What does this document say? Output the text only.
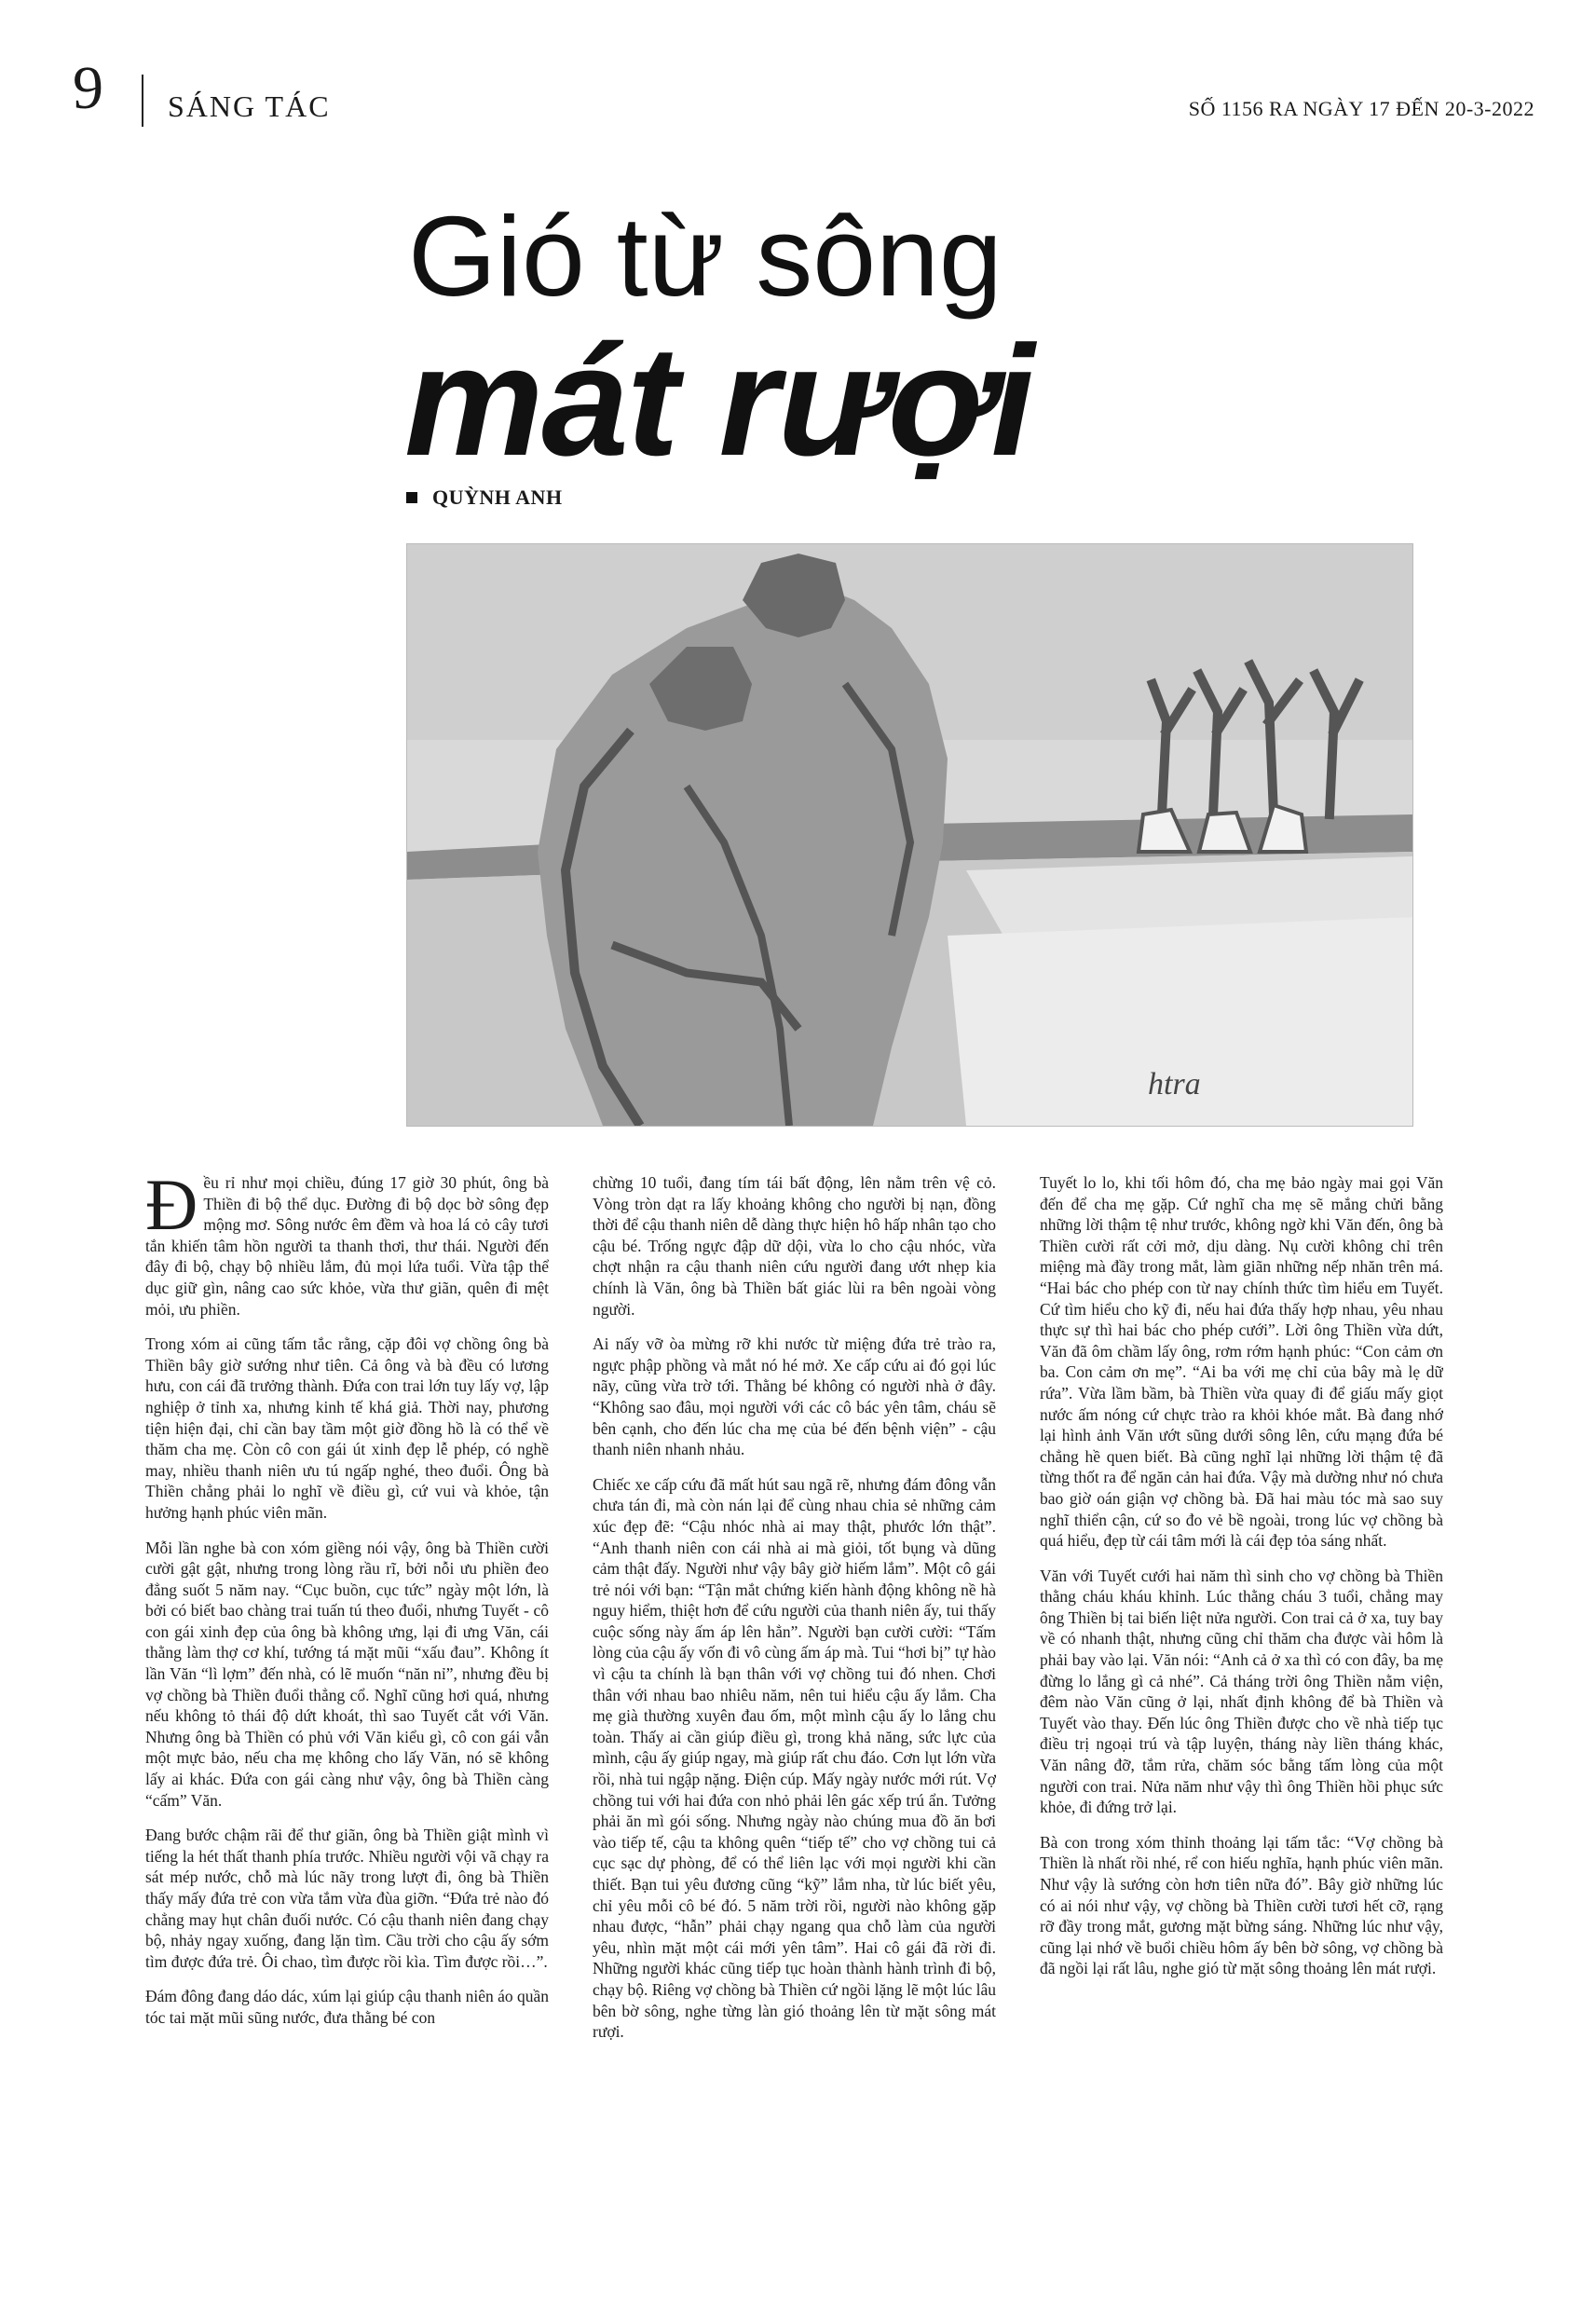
9 SÁNG TÁC	SỐ 1156 RA NGÀY 17 ĐẾN 20-3-2022
Gió từ sông
mát rượi
QUỲNH ANH
htra

Đều rỉ như mọi chiều, đúng 17 giờ 30 phút, ông bà Thiền đi bộ thể dục. Đường đi bộ dọc bờ sông đẹp mộng mơ. Sông nước êm đềm và hoa lá cỏ cây tươi tắn khiến tâm hồn người ta thanh thơi, thư thái. Người đến đây đi bộ, chạy bộ nhiều lắm, đủ mọi lứa tuổi. Vừa tập thể dục giữ gìn, nâng cao sức khỏe, vừa thư giãn, quên đi mệt mỏi, ưu phiền.

Trong xóm ai cũng tấm tắc rằng, cặp đôi vợ chồng ông bà Thiền bây giờ sướng như tiên. Cả ông và bà đều có lương hưu, con cái đã trưởng thành. Đứa con trai lớn tuy lấy vợ, lập nghiệp ở tỉnh xa, nhưng kinh tế khá giả. Thời nay, phương tiện hiện đại, chỉ cần bay tầm một giờ đồng hồ là có thể về thăm cha mẹ. Còn cô con gái út xinh đẹp lễ phép, có nghề may, nhiều thanh niên ưu tú ngấp nghé, theo đuổi. Ông bà Thiền chẳng phải lo nghĩ về điều gì, cứ vui và khỏe, tận hưởng hạnh phúc viên mãn.

Mỗi lần nghe bà con xóm giềng nói vậy, ông bà Thiền cười cười gật gật, nhưng trong lòng rầu rĩ, bởi nỗi ưu phiền đeo đẳng suốt 5 năm nay. “Cục buồn, cục tức” ngày một lớn, là bởi có biết bao chàng trai tuấn tú theo đuổi, nhưng Tuyết - cô con gái xinh đẹp của ông bà không ưng, lại đi ưng Văn, cái thằng làm thợ cơ khí, tướng tá mặt mũi “xấu đau”. Không ít lần Văn “lì lợm” đến nhà, có lẽ muốn “năn nỉ”, nhưng đều bị vợ chồng bà Thiền đuổi thẳng cổ. Nghĩ cũng hơi quá, nhưng nếu không tỏ thái độ dứt khoát, thì sao Tuyết cắt với Văn. Nhưng ông bà Thiền có phủ với Văn kiểu gì, cô con gái vẫn một mực bảo, nếu cha mẹ không cho lấy Văn, nó sẽ không lấy ai khác. Đứa con gái càng như vậy, ông bà Thiền càng “cấm” Văn.

Đang bước chậm rãi để thư giãn, ông bà Thiền giật mình vì tiếng la hét thất thanh phía trước. Nhiều người vội vã chạy ra sát mép nước, chỗ mà lúc nãy trong lượt đi, ông bà Thiền thấy mấy đứa trẻ con vừa tắm vừa đùa giỡn. “Đứa trẻ nào đó chẳng may hụt chân đuối nước. Có cậu thanh niên đang chạy bộ, nhảy ngay xuống, đang lặn tìm. Cầu trời cho cậu ấy sớm tìm được đứa trẻ. Ôi chao, tìm được rồi kìa. Tìm được rồi…”.

Đám đông đang dáo dác, xúm lại giúp cậu thanh niên áo quần tóc tai mặt mũi sũng nước, đưa thằng bé con

chừng 10 tuổi, đang tím tái bất động, lên nằm trên vệ cỏ. Vòng tròn dạt ra lấy khoảng không cho người bị nạn, đồng thời để cậu thanh niên dễ dàng thực hiện hô hấp nhân tạo cho cậu bé. Trống ngực đập dữ dội, vừa lo cho cậu nhóc, vừa chợt nhận ra cậu thanh niên cứu người đang ướt nhẹp kia chính là Văn, ông bà Thiền bất giác lùi ra bên ngoài vòng người.

Ai nấy vỡ òa mừng rỡ khi nước từ miệng đứa trẻ trào ra, ngực phập phồng và mắt nó hé mở. Xe cấp cứu ai đó gọi lúc nãy, cũng vừa trờ tới. Thằng bé không có người nhà ở đây. “Không sao đâu, mọi người với các cô bác yên tâm, cháu sẽ bên cạnh, cho đến lúc cha mẹ của bé đến bệnh viện” - cậu thanh niên nhanh nhảu.

Chiếc xe cấp cứu đã mất hút sau ngã rẽ, nhưng đám đông vẫn chưa tán đi, mà còn nán lại để cùng nhau chia sẻ những cảm xúc đẹp đẽ: “Cậu nhóc nhà ai may thật, phước lớn thật”. “Anh thanh niên con cái nhà ai mà giỏi, tốt bụng và dũng cảm thật đấy. Người như vậy bây giờ hiếm lắm”. Một cô gái trẻ nói với bạn: “Tận mắt chứng kiến hành động không nề hà nguy hiểm, thiệt hơn để cứu người của thanh niên ấy, tui thấy cuộc sống này ấm áp lên hẳn”. Người bạn cười cười: “Tấm lòng của cậu ấy vốn đi vô cùng ấm áp mà. Tui “hơi bị” tự hào vì cậu ta chính là bạn thân với vợ chồng tui đó nhen. Chơi thân với nhau bao nhiêu năm, nên tui hiểu cậu ấy lắm. Cha mẹ già thường xuyên đau ốm, một mình cậu ấy lo lắng chu toàn. Thấy ai cần giúp điều gì, trong khả năng, sức lực của mình, cậu ấy giúp ngay, mà giúp rất chu đáo. Cơn lụt lớn vừa rồi, nhà tui ngập nặng. Điện cúp. Mấy ngày nước mới rút. Vợ chồng tui với hai đứa con nhỏ phải lên gác xếp trú ẩn. Tưởng phải ăn mì gói sống. Nhưng ngày nào chúng mua đồ ăn bơi vào tiếp tế, cậu ta không quên “tiếp tế” cho vợ chồng tui cả cục sạc dự phòng, để có thể liên lạc với mọi người khi cần thiết. Bạn tui yêu đương cũng “kỹ” lắm nha, từ lúc biết yêu, chỉ yêu mỗi cô bé đó. 5 năm trời rồi, người nào không gặp nhau được, “hẫn” phải chạy ngang qua chỗ làm của người yêu, nhìn mặt một cái mới yên tâm”. Hai cô gái đã rời đi. Những người khác cũng tiếp tục hoàn thành hành trình đi bộ, chạy bộ. Riêng vợ chồng bà Thiền cứ ngồi lặng lẽ một lúc lâu bên bờ sông, nghe từng làn gió thoảng lên từ mặt sông mát rượi.

Tuyết lo lo, khi tối hôm đó, cha mẹ bảo ngày mai gọi Văn đến để cha mẹ gặp. Cứ nghĩ cha mẹ sẽ mắng chửi bằng những lời thậm tệ như trước, không ngờ khi Văn đến, ông bà Thiền cười rất cởi mở, dịu dàng. Nụ cười không chỉ trên miệng mà đầy trong mắt, làm giãn những nếp nhăn trên má. “Hai bác cho phép con từ nay chính thức tìm hiểu em Tuyết. Cứ tìm hiểu cho kỹ đi, nếu hai đứa thấy hợp nhau, yêu nhau thực sự thì hai bác cho phép cưới”. Lời ông Thiền vừa dứt, Văn đã ôm chầm lấy ông, rơm rớm hạnh phúc: “Con cảm ơn ba. Con cảm ơn mẹ”. “Ai ba với mẹ chỉ của bây mà lẹ dữ rứa”. Vừa lầm bầm, bà Thiền vừa quay đi để giấu mấy giọt nước ấm nóng cứ chực trào ra khỏi khóe mắt. Bà đang nhớ lại hình ảnh Văn ướt sũng dưới sông lên, cứu mạng đứa bé chẳng hề quen biết. Bà cũng nghĩ lại những lời thậm tệ đã từng thốt ra để ngăn cản hai đứa. Vậy mà dường như nó chưa bao giờ oán giận vợ chồng bà. Đã hai màu tóc mà sao suy nghĩ thiển cận, cứ so đo vẻ bề ngoài, trong lúc vợ chồng bà quá hiểu, đẹp từ cái tâm mới là cái đẹp tỏa sáng nhất.

Văn với Tuyết cưới hai năm thì sinh cho vợ chồng bà Thiền thằng cháu kháu khỉnh. Lúc thằng cháu 3 tuổi, chẳng may ông Thiền bị tai biến liệt nửa người. Con trai cả ở xa, tuy bay về có nhanh thật, nhưng cũng chỉ thăm cha được vài hôm là phải bay vào lại. Văn nói: “Anh cả ở xa thì có con đây, ba mẹ đừng lo lắng gì cả nhé”. Cả tháng trời ông Thiền nằm viện, đêm nào Văn cũng ở lại, nhất định không để bà Thiền và Tuyết vào thay. Đến lúc ông Thiền được cho về nhà tiếp tục điều trị ngoại trú và tập luyện, tháng này liền tháng khác, Văn nâng đỡ, tắm rửa, chăm sóc bằng tấm lòng của một người con trai. Nửa năm như vậy thì ông Thiền hồi phục sức khỏe, đi đứng trở lại.

Bà con trong xóm thỉnh thoảng lại tấm tắc: “Vợ chồng bà Thiền là nhất rồi nhé, rể con hiếu nghĩa, hạnh phúc viên mãn. Như vậy là sướng còn hơn tiên nữa đó”. Bây giờ những lúc có ai nói như vậy, vợ chồng bà Thiền cười tươi hết cỡ, rạng rỡ đầy trong mắt, gương mặt bừng sáng. Những lúc như vậy, cũng lại nhớ về buổi chiều hôm ấy bên bờ sông, vợ chồng bà đã ngồi lại rất lâu, nghe gió từ mặt sông thoảng lên mát rượi.
